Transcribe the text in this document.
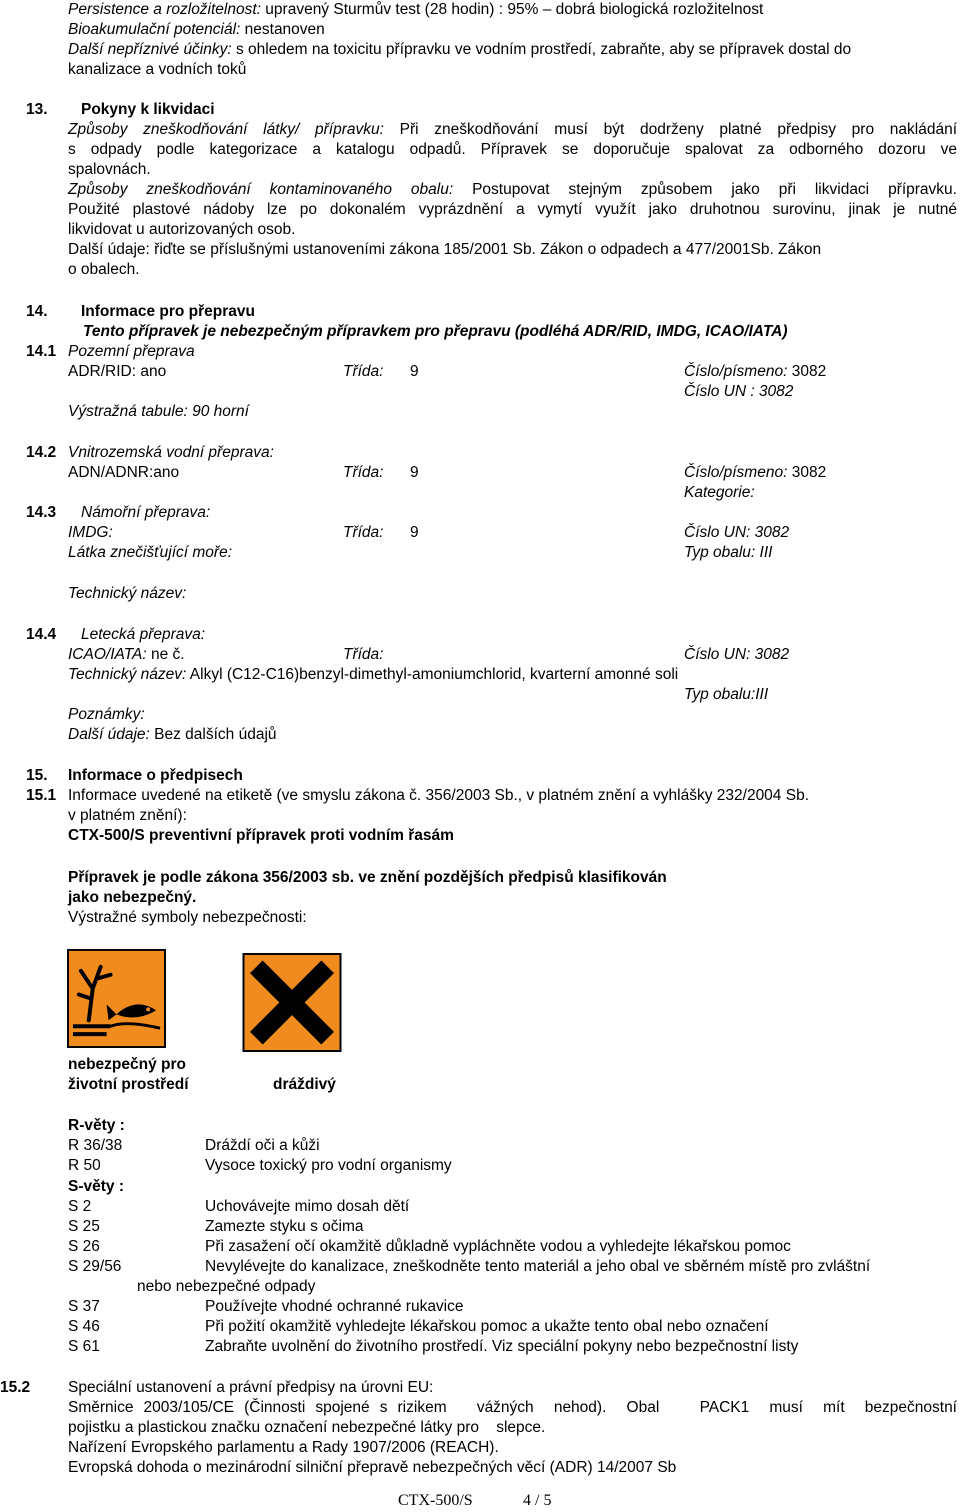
Persistence a rozložitelnost: upravený Sturmův test (28 hodin) : 95% – dobrá biologická rozložitelnost
Bioakumulační potenciál: nestanoven
Další nepříznivé účinky: s ohledem na toxicitu přípravku ve vodním prostředí, zabraňte, aby se přípravek dostal do
kanalizace a vodních toků
13. Pokyny k likvidaci
Způsoby zneškodňování látky/ přípravku: Při zneškodňování musí být dodrženy platné předpisy pro nakládání
s odpady podle kategorizace a katalogu odpadů. Přípravek se doporučuje spalovat za odborného dozoru ve
spalovnách.
Způsoby zneškodňování kontaminovaného obalu: Postupovat stejným způsobem jako při likvidaci přípravku.
Použité plastové nádoby lze po dokonalém vyprázdnění a vymytí využít jako druhotnou surovinu, jinak je nutné
likvidovat u autorizovaných osob.
Další údaje: řiďte se příslušnými ustanoveními zákona 185/2001 Sb. Zákon o odpadech a 477/2001Sb. Zákon
o obalech.
14. Informace pro přepravu
Tento přípravek je nebezpečným přípravkem pro přepravu (podléhá ADR/RID, IMDG, ICAO/IATA)
14.1 Pozemní přeprava
ADR/RID: ano	Třída: 9	Číslo/písmeno: 3082
Číslo UN : 3082
Výstražná tabule: 90 horní
14.2 Vnitrozemská vodní přeprava:
ADN/ADNR:ano	Třída: 9	Číslo/písmeno: 3082
Kategorie:
14.3 Námořní přeprava:
IMDG:	Třída: 9	Číslo UN: 3082
Látka znečišťující moře:	Typ obalu: III
Technický název:
14.4 Letecká přeprava:
ICAO/IATA: ne č.	Třída:	Číslo UN: 3082
Technický název: Alkyl (C12-C16)benzyl-dimethyl-amoniumchlorid, kvarterní amonné soli
Typ obalu:III
Poznámky:
Další údaje: Bez dalších údajů
15. Informace o předpisech
15.1 Informace uvedené na etiketě (ve smyslu zákona č. 356/2003 Sb., v platném znění a vyhlášky 232/2004 Sb.
v platném znění):
CTX-500/S preventivní přípravek proti vodním řasám
Přípravek je podle zákona 356/2003 sb. ve znění pozdějších předpisů klasifikován
jako nebezpečný.
Výstražné symboly nebezpečnosti:
nebezpečný pro
životní prostředí	dráždivý
R-věty :
R 36/38	Dráždí oči a kůži
R 50	Vysoce toxický pro vodní organismy
S-věty :
S 2	Uchovávejte mimo dosah dětí
S 25	Zamezte styku s očima
S 26	Při zasažení očí okamžitě důkladně vypláchněte vodou a vyhledejte lékařskou pomoc
S 29/56	Nevylévejte do kanalizace, zneškodněte tento materiál a jeho obal ve sběrném místě pro zvláštní
nebo nebezpečné odpady
S 37	Používejte vhodné ochranné rukavice
S 46	Při požití okamžitě vyhledejte lékařskou pomoc a ukažte tento obal nebo označení
S 61	Zabraňte uvolnění do životního prostředí. Viz speciální pokyny nebo bezpečnostní listy
15.2 Speciální ustanovení a právní předpisy na úrovni EU:
Směrnice 2003/105/CE (Činnosti spojené s rizikem   vážných  nehod).  Obal    PACK1  musí  mít  bezpečnostní
pojistku a plastickou značku označení nebezpečné látky pro    slepce.
Nařízení Evropského parlamentu a Rady 1907/2006 (REACH).
Evropská dohoda o mezinárodní silniční přepravě nebezpečných věcí (ADR) 14/2007 Sb
CTX-500/S	4 / 5
